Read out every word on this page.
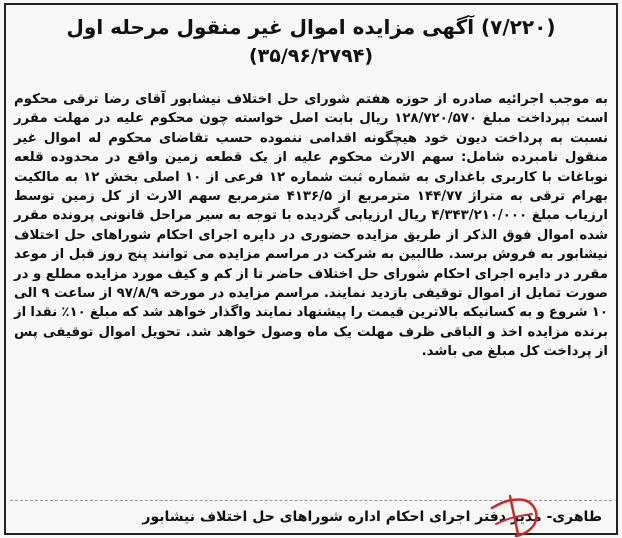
(۷/۲۲۰) آگهی مزایده اموال غیر منقول مرحله اول
(۳۵/۹۶/۲۷۹۴)
به موجب اجرائیه صادره از حوزه هفتم شورای حل اختلاف نیشابور آقای رضا ترقی محکوم است بپرداخت مبلغ ۱۲۸/۷۲۰/۵۷۰ ریال بابت اصل خواسته چون محکوم علیه در مهلت مقرر نسبت به پرداخت دیون خود هیچگونه اقدامی ننموده حسب تقاضای محکوم له اموال غیر منقول نامبرده شامل: سهم الارث محکوم علیه از یک قطعه زمین واقع در محدوده قلعه نوباغات با کاربری باغداری به شماره ثبت شماره ۱۲ فرعی از ۱۰ اصلی بخش ۱۲ به مالکیت بهرام ترقی به متراژ ۱۴۴/۷۷ مترمربع از ۴۱۳۶/۵ مترمربع سهم الارث از کل زمین توسط ارزیاب مبلغ ۴/۳۴۳/۲۱۰/۰۰۰ ریال ارزیابی گردیده با توجه به سیر مراحل قانونی پرونده مقرر شده اموال فوق الذکر از طریق مزایده حضوری در دایره اجرای احکام شوراهای حل اختلاف نیشابور به فروش برسد. طالبین به شرکت در مراسم مزایده می توانند پنج روز قبل از موعد مقرر در دایره اجرای احکام شورای حل اختلاف حاضر تا از کم و کیف مورد مزایده مطلع و در صورت تمایل از اموال توقیفی بازدید نمایند. مراسم مزایده در مورخه ۹۷/۸/۹ از ساعت ۹ الی ۱۰ شروع و به کسانیکه بالاترین قیمت را پیشنهاد نمایند واگذار خواهد شد که مبلغ ۱۰٪ نقدا از برنده مزایده اخذ و الباقی ظرف مهلت یک ماه وصول خواهد شد. تحویل اموال توقیفی پس از پرداخت کل مبلغ می باشد.
طاهری- مدیر دفتر اجرای احکام اداره شوراهای حل اختلاف نیشابور
